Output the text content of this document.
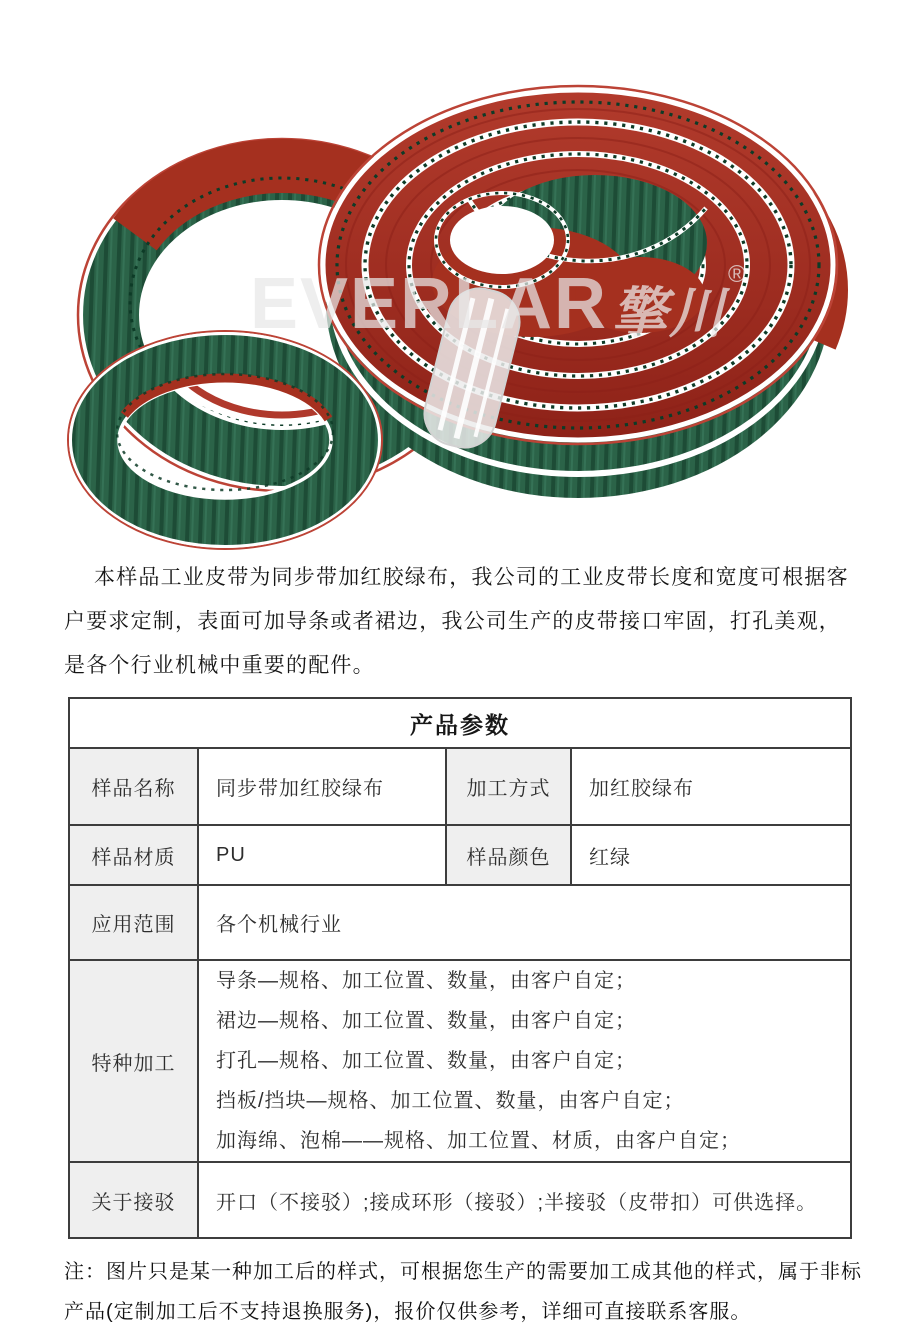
EVERLAR 擎川
®

本样品工业皮带为同步带加红胶绿布，我公司的工业皮带长度和宽度可根据客户要求定制，表面可加导条或者裙边，我公司生产的皮带接口牢固，打孔美观，是各个行业机械中重要的配件。

产品参数			
样品名称	同步带加红胶绿布	加工方式	加红胶绿布
样品材质	PU	样品颜色	红绿
应用范围	各个机械行业		
特种加工	导条—规格、加工位置、数量，由客户自定；
裙边—规格、加工位置、数量，由客户自定；
打孔—规格、加工位置、数量，由客户自定；
挡板/挡块—规格、加工位置、数量，由客户自定；
加海绵、泡棉——规格、加工位置、材质，由客户自定；		

关于接驳	开口（不接驳）;接成环形（接驳）;半接驳（皮带扣）可供选择。		

注：图片只是某一种加工后的样式，可根据您生产的需要加工成其他的样式，属于非标产品(定制加工后不支持退换服务)，报价仅供参考，详细可直接联系客服。
